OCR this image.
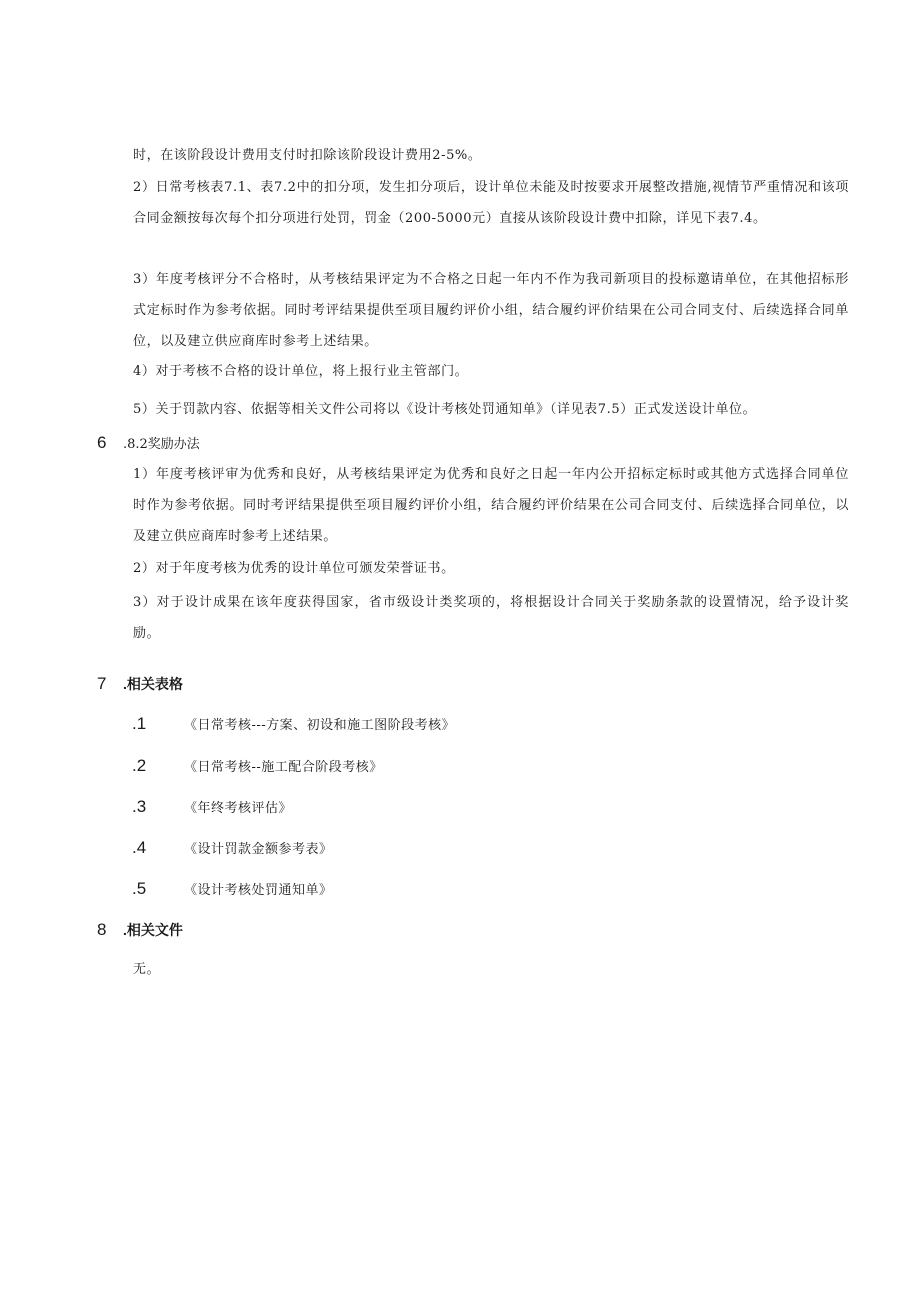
时，在该阶段设计费用支付时扣除该阶段设计费用2-5%。

2）日常考核表7.1、表7.2中的扣分项，发生扣分项后，设计单位未能及时按要求开展整改措施,视情节严重情况和该项合同金额按每次每个扣分项进行处罚，罚金（200-5000元）直接从该阶段设计费中扣除，详见下表7.4。

3）年度考核评分不合格时，从考核结果评定为不合格之日起一年内不作为我司新项目的投标邀请单位，在其他招标形式定标时作为参考依据。同时考评结果提供至项目履约评价小组，结合履约评价结果在公司合同支付、后续选择合同单位，以及建立供应商库时参考上述结果。

4）对于考核不合格的设计单位，将上报行业主管部门。

5）关于罚款内容、依据等相关文件公司将以《设计考核处罚通知单》（详见表7.5）正式发送设计单位。

6 .8.2奖励办法

1）年度考核评审为优秀和良好，从考核结果评定为优秀和良好之日起一年内公开招标定标时或其他方式选择合同单位时作为参考依据。同时考评结果提供至项目履约评价小组，结合履约评价结果在公司合同支付、后续选择合同单位，以及建立供应商库时参考上述结果。

2）对于年度考核为优秀的设计单位可颁发荣誉证书。

3）对于设计成果在该年度获得国家，省市级设计类奖项的，将根据设计合同关于奖励条款的设置情况，给予设计奖励。

7 .相关表格
.1	《日常考核---方案、初设和施工图阶段考核》
.2	《日常考核--施工配合阶段考核》
.3	《年终考核评估》
.4	《设计罚款金额参考表》
.5	《设计考核处罚通知单》
8 .相关文件

无。
